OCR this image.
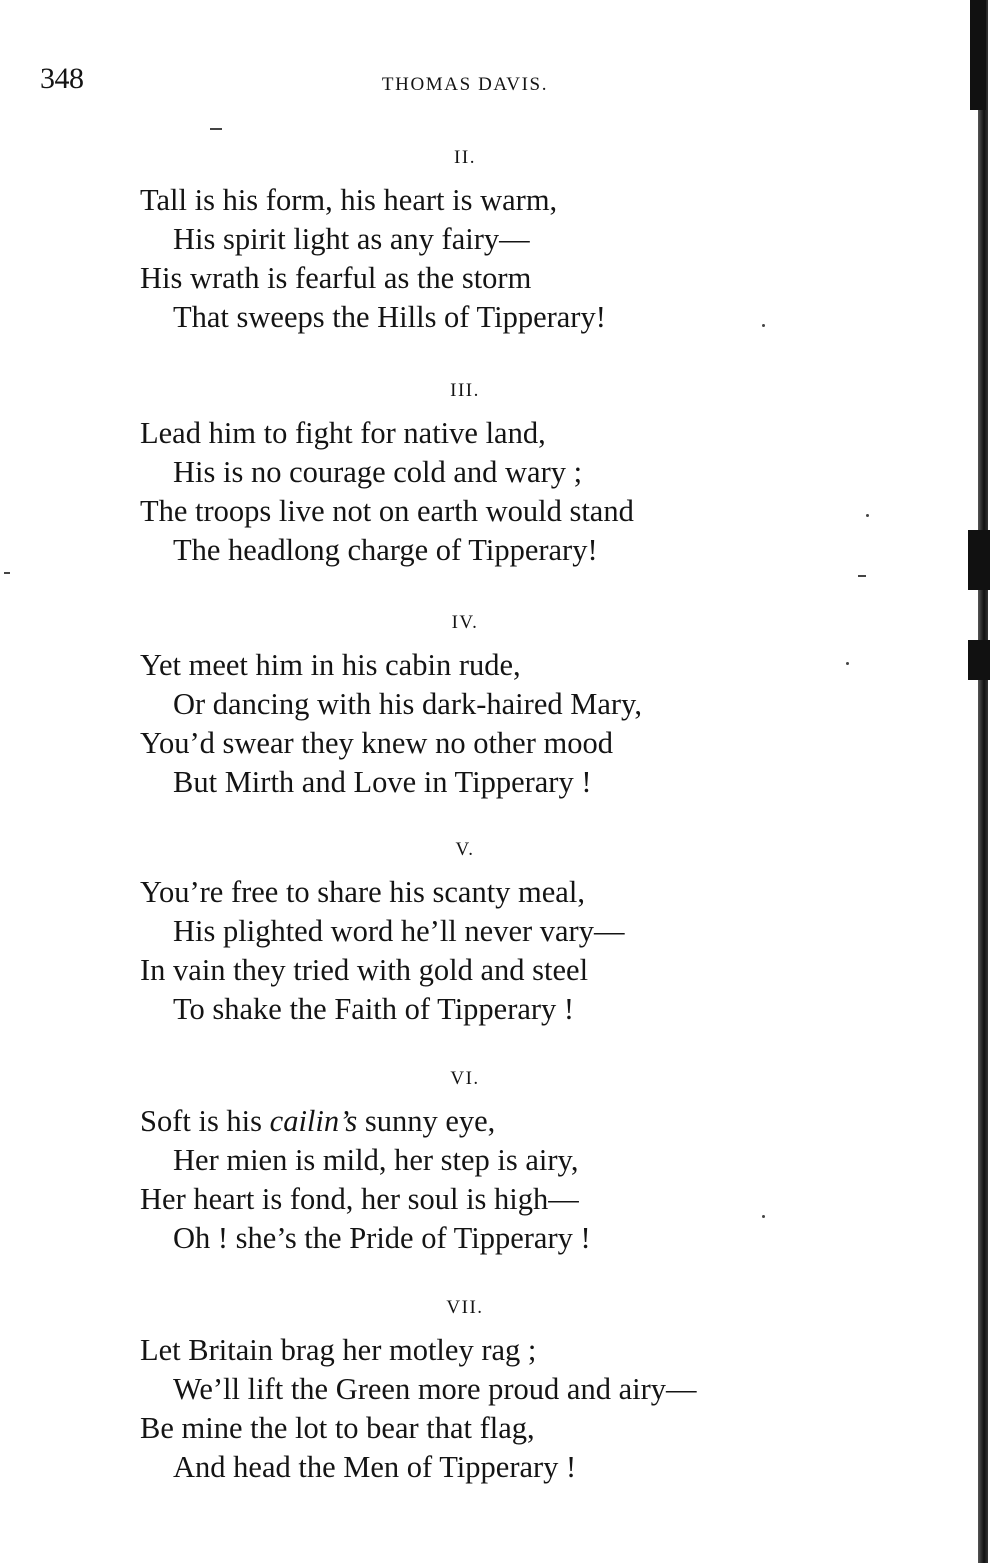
348	THOMAS DAVIS.
II.
Tall is his form, his heart is warm,
His spirit light as any fairy—
His wrath is fearful as the storm
That sweeps the Hills of Tipperary!
III.
Lead him to fight for native land,
His is no courage cold and wary ;
The troops live not on earth would stand
The headlong charge of Tipperary!
IV.
Yet meet him in his cabin rude,
Or dancing with his dark-haired Mary,
You’d swear they knew no other mood
But Mirth and Love in Tipperary !
V.
You’re free to share his scanty meal,
His plighted word he’ll never vary—
In vain they tried with gold and steel
To shake the Faith of Tipperary !
VI.
Soft is his cailin’s sunny eye,
Her mien is mild, her step is airy,
Her heart is fond, her soul is high—
Oh ! she’s the Pride of Tipperary !
VII.
Let Britain brag her motley rag ;
We’ll lift the Green more proud and airy—
Be mine the lot to bear that flag,
And head the Men of Tipperary !
